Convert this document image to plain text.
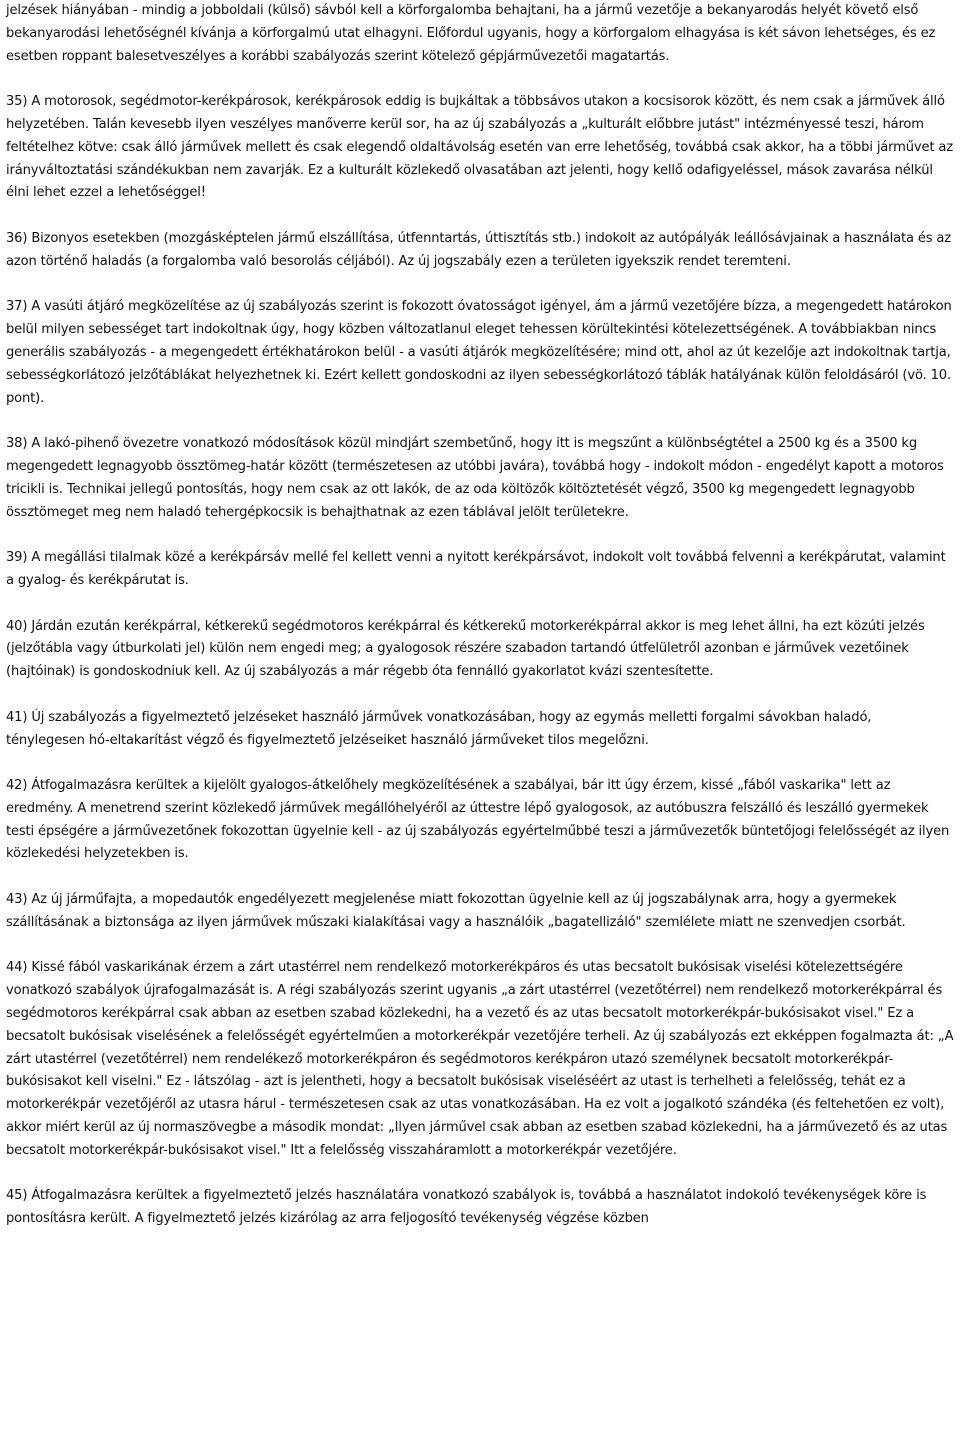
jelzések hiányában - mindig a jobboldali (külső) sávból kell a körforgalomba behajtani, ha a jármű vezetője a bekanyarodás helyét követő első bekanyarodási lehetőségnél kívánja a körforgalmú utat elhagyni. Előfordul ugyanis, hogy a körforgalom elhagyása is két sávon lehetséges, és ez esetben roppant balesetveszélyes a korábbi szabályozás szerint kötelező gépjárművezetői magatartás.

35) A motorosok, segédmotor-kerékpárosok, kerékpárosok eddig is bujkáltak a többsávos utakon a kocsisorok között, és nem csak a járművek álló helyzetében. Talán kevesebb ilyen veszélyes manőverre kerül sor, ha az új szabályozás a „kulturált előbbre jutást" intézményessé teszi, három feltételhez kötve: csak álló járművek mellett és csak elegendő oldaltávolság esetén van erre lehetőség, továbbá csak akkor, ha a többi járművet az irányváltoztatási szándékukban nem zavarják. Ez a kulturált közlekedő olvasatában azt jelenti, hogy kellő odafigyeléssel, mások zavarása nélkül élni lehet ezzel a lehetőséggel!

36) Bizonyos esetekben (mozgásképtelen jármű elszállítása, útfenntartás, úttisztítás stb.) indokolt az autópályák leállósávjainak a használata és az azon történő haladás (a forgalomba való besorolás céljából). Az új jogszabály ezen a területen igyekszik rendet teremteni.

37) A vasúti átjáró megközelítése az új szabályozás szerint is fokozott óvatosságot igényel, ám a jármű vezetőjére bízza, a megengedett határokon belül milyen sebességet tart indokoltnak úgy, hogy közben változatlanul eleget tehessen körültekintési kötelezettségének. A továbbiakban nincs generális szabályozás - a megengedett értékhatárokon belül - a vasúti átjárók megközelítésére; mind ott, ahol az út kezelője azt indokoltnak tartja, sebességkorlátozó jelzőtáblákat helyezhetnek ki. Ezért kellett gondoskodni az ilyen sebességkorlátozó táblák hatályának külön feloldásáról (vö. 10. pont).

38) A lakó-pihenő övezetre vonatkozó módosítások közül mindjárt szembetűnő, hogy itt is megszűnt a különbségtétel a 2500 kg és a 3500 kg megengedett legnagyobb össztömeg-határ között (természetesen az utóbbi javára), továbbá hogy - indokolt módon - engedélyt kapott a motoros tricikli is. Technikai jellegű pontosítás, hogy nem csak az ott lakók, de az oda költözők költöztetését végző, 3500 kg megengedett legnagyobb össztömeget meg nem haladó tehergépkocsik is behajthatnak az ezen táblával jelölt területekre.

39) A megállási tilalmak közé a kerékpársáv mellé fel kellett venni a nyitott kerékpársávot, indokolt volt továbbá felvenni a kerékpárutat, valamint a gyalog- és kerékpárutat is.

40) Járdán ezután kerékpárral, kétkerekű segédmotoros kerékpárral és kétkerekű motorkerékpárral akkor is meg lehet állni, ha ezt közúti jelzés (jelzőtábla vagy útburkolati jel) külön nem engedi meg; a gyalogosok részére szabadon tartandó útfelületről azonban e járművek vezetőinek (hajtóinak) is gondoskodniuk kell. Az új szabályozás a már régebb óta fennálló gyakorlatot kvázi szentesítette.

41) Új szabályozás a figyelmeztető jelzéseket használó járművek vonatkozásában, hogy az egymás melletti forgalmi sávokban haladó, ténylegesen hó-eltakarítást végző és figyelmeztető jelzéseiket használó járműveket tilos megelőzni.

42) Átfogalmazásra kerültek a kijelölt gyalogos-átkelőhely megközelítésének a szabályai, bár itt úgy érzem, kissé „fából vaskarika" lett az eredmény. A menetrend szerint közlekedő járművek megállóhelyéről az úttestre lépő gyalogosok, az autóbuszra felszálló és leszálló gyermekek testi épségére a járművezetőnek fokozottan ügyelnie kell - az új szabályozás egyértelműbbé teszi a járművezetők büntetőjogi felelősségét az ilyen közlekedési helyzetekben is.

43) Az új járműfajta, a mopedautók engedélyezett megjelenése miatt fokozottan ügyelnie kell az új jogszabálynak arra, hogy a gyermekek szállításának a biztonsága az ilyen járművek műszaki kialakításai vagy a használóik „bagatellizáló" szemlélete miatt ne szenvedjen csorbát.

44) Kissé fából vaskarikának érzem a zárt utastérrel nem rendelkező motorkerékpáros és utas becsatolt bukósisak viselési kötelezettségére vonatkozó szabályok újrafogalmazását is. A régi szabályozás szerint ugyanis „a zárt utastérrel (vezetőtérrel) nem rendelkező motorkerékpárral és segédmotoros kerékpárral csak abban az esetben szabad közlekedni, ha a vezető és az utas becsatolt motorkerékpár-bukósisakot visel." Ez a becsatolt bukósisak viselésének a felelősségét egyértelműen a motorkerékpár vezetőjére terheli. Az új szabályozás ezt ekképpen fogalmazta át: „A zárt utastérrel (vezetőtérrel) nem rendelékező motorkerékpáron és segédmotoros kerékpáron utazó személynek becsatolt motorkerékpár-bukósisakot kell viselni." Ez - látszólag - azt is jelentheti, hogy a becsatolt bukósisak viseléséért az utast is terhelheti a felelősség, tehát ez a motorkerékpár vezetőjéről az utasra hárul - természetesen csak az utas vonatkozásában. Ha ez volt a jogalkotó szándéka (és feltehetően ez volt), akkor miért kerül az új normaszövegbe a második mondat: „Ilyen járművel csak abban az esetben szabad közlekedni, ha a járművezető és az utas becsatolt motorkerékpár-bukósisakot visel." Itt a felelősség visszaháramlott a motorkerékpár vezetőjére.

45) Átfogalmazásra kerültek a figyelmeztető jelzés használatára vonatkozó szabályok is, továbbá a használatot indokoló tevékenységek köre is pontosításra került. A figyelmeztető jelzés kizárólag az arra feljogosító tevékenység végzése közben
